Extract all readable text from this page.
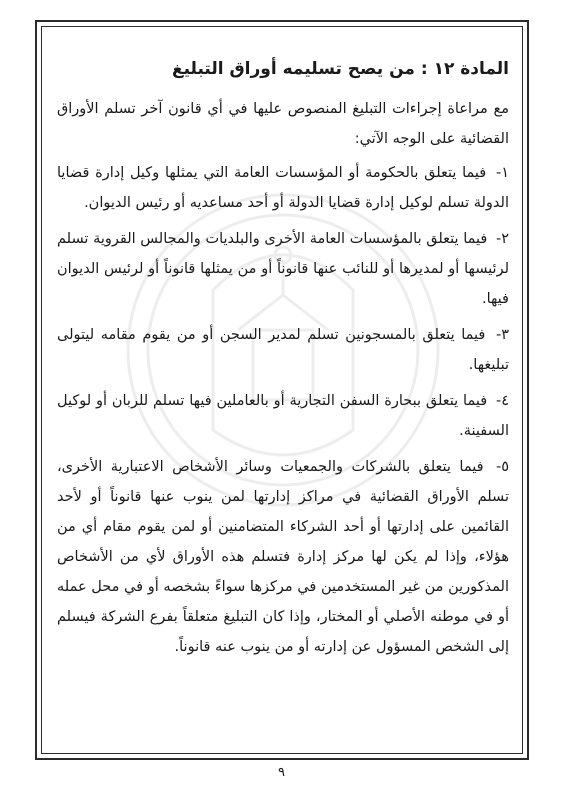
المادة ١٢ : من يصح تسليمه أوراق التبليغ

مع مراعاة إجراءات التبليغ المنصوص عليها في أي قانون آخر تسلم الأوراق القضائية على الوجه الآتي:

١- فيما يتعلق بالحكومة أو المؤسسات العامة التي يمثلها وكيل إدارة قضايا الدولة تسلم لوكيل إدارة قضايا الدولة أو أحد مساعديه أو رئيس الديوان.

٢- فيما يتعلق بالمؤسسات العامة الأخرى والبلديات والمجالس القروية تسلم لرئيسها أو لمديرها أو للنائب عنها قانوناً أو من يمثلها قانوناً أو لرئيس الديوان فيها.

٣- فيما يتعلق بالمسجونين تسلم لمدير السجن أو من يقوم مقامه ليتولى تبليغها.

٤- فيما يتعلق ببحارة السفن التجارية أو بالعاملين فيها تسلم للربان أو لوكيل السفينة.

٥- فيما يتعلق بالشركات والجمعيات وسائر الأشخاص الاعتبارية الأخرى، تسلم الأوراق القضائية في مراكز إدارتها لمن ينوب عنها قانوناً أو لأحد القائمين على إدارتها أو أحد الشركاء المتضامنين أو لمن يقوم مقام أي من هؤلاء، وإذا لم يكن لها مركز إدارة فتسلم هذه الأوراق لأي من الأشخاص المذكورين من غير المستخدمين في مركزها سواءً بشخصه أو في محل عمله أو في موطنه الأصلي أو المختار، وإذا كان التبليغ متعلقاً بفرع الشركة فيسلم إلى الشخص المسؤول عن إدارته أو من ينوب عنه قانوناً.

٩
